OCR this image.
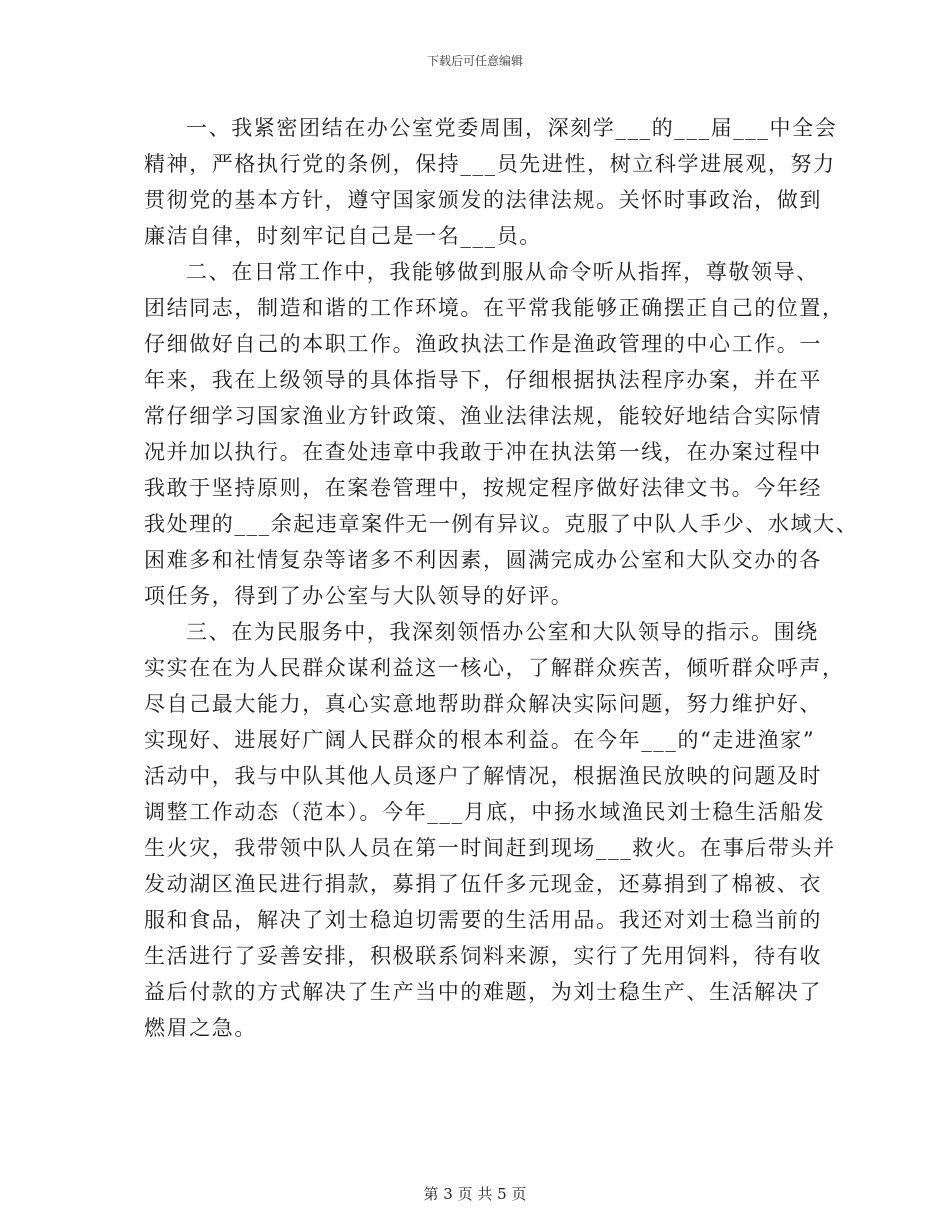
下载后可任意编辑
一、我紧密团结在办公室党委周围，深刻学___的___届___中全会
精神，严格执行党的条例，保持___员先进性，树立科学进展观，努力
贯彻党的基本方针，遵守国家颁发的法律法规。关怀时事政治，做到
廉洁自律，时刻牢记自己是一名___员。
二、在日常工作中，我能够做到服从命令听从指挥，尊敬领导、
团结同志，制造和谐的工作环境。在平常我能够正确摆正自己的位置，
仔细做好自己的本职工作。渔政执法工作是渔政管理的中心工作。一
年来，我在上级领导的具体指导下，仔细根据执法程序办案，并在平
常仔细学习国家渔业方针政策、渔业法律法规，能较好地结合实际情
况并加以执行。在查处违章中我敢于冲在执法第一线，在办案过程中
我敢于坚持原则，在案卷管理中，按规定程序做好法律文书。今年经
我处理的___余起违章案件无一例有异议。克服了中队人手少、水域大、
困难多和社情复杂等诸多不利因素，圆满完成办公室和大队交办的各
项任务，得到了办公室与大队领导的好评。
三、在为民服务中，我深刻领悟办公室和大队领导的指示。围绕
实实在在为人民群众谋利益这一核心，了解群众疾苦，倾听群众呼声，
尽自己最大能力，真心实意地帮助群众解决实际问题，努力维护好、
实现好、进展好广阔人民群众的根本利益。在今年___的“走进渔家”
活动中，我与中队其他人员逐户了解情况，根据渔民放映的问题及时
调整工作动态（范本）。今年___月底，中扬水域渔民刘士稳生活船发
生火灾，我带领中队人员在第一时间赶到现场___救火。在事后带头并
发动湖区渔民进行捐款，募捐了伍仟多元现金，还募捐到了棉被、衣
服和食品，解决了刘士稳迫切需要的生活用品。我还对刘士稳当前的
生活进行了妥善安排，积极联系饲料来源，实行了先用饲料，待有收
益后付款的方式解决了生产当中的难题，为刘士稳生产、生活解决了
燃眉之急。
第 3 页 共 5 页
